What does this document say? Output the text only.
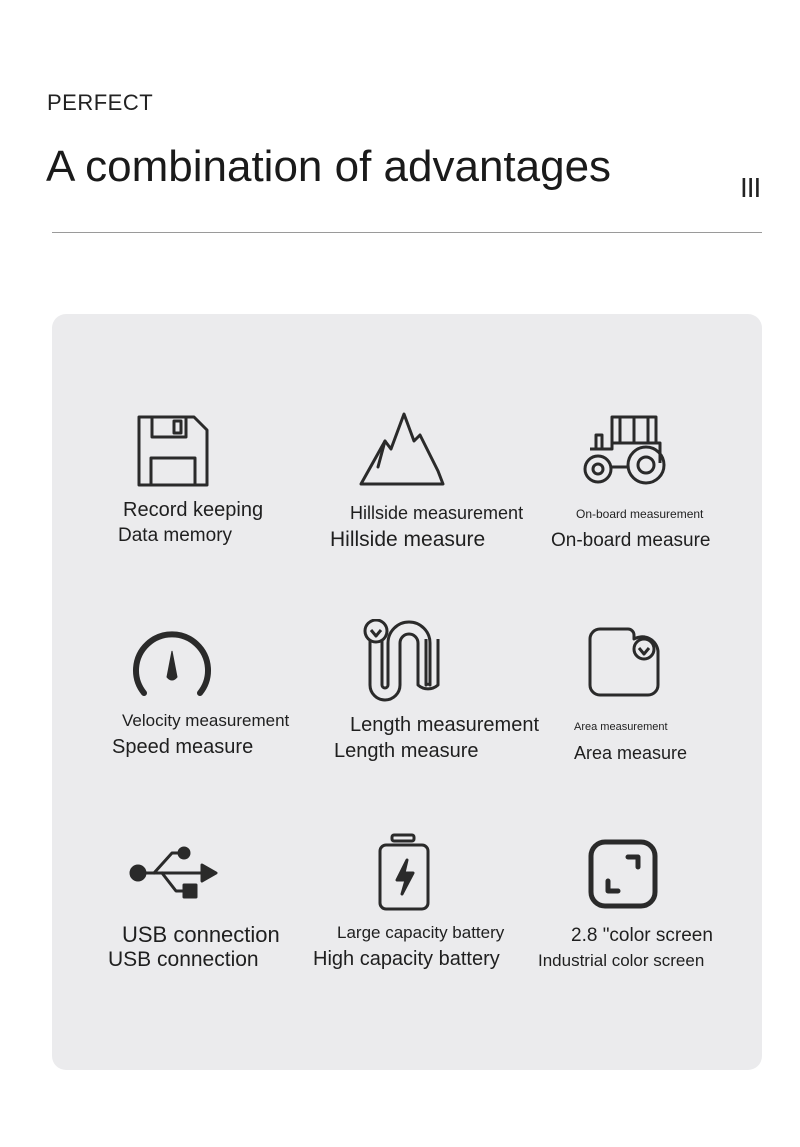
PERFECT
A combination of advantages	III
Record keeping
Data memory
Hillside measurement
Hillside measure
On-board measurement
On-board measure
Velocity measurement
Speed measure
Length measurement
Length measure
Area measurement
Area measure
USB connection
USB connection
Large capacity battery
High capacity battery
2.8 "color screen
Industrial color screen
